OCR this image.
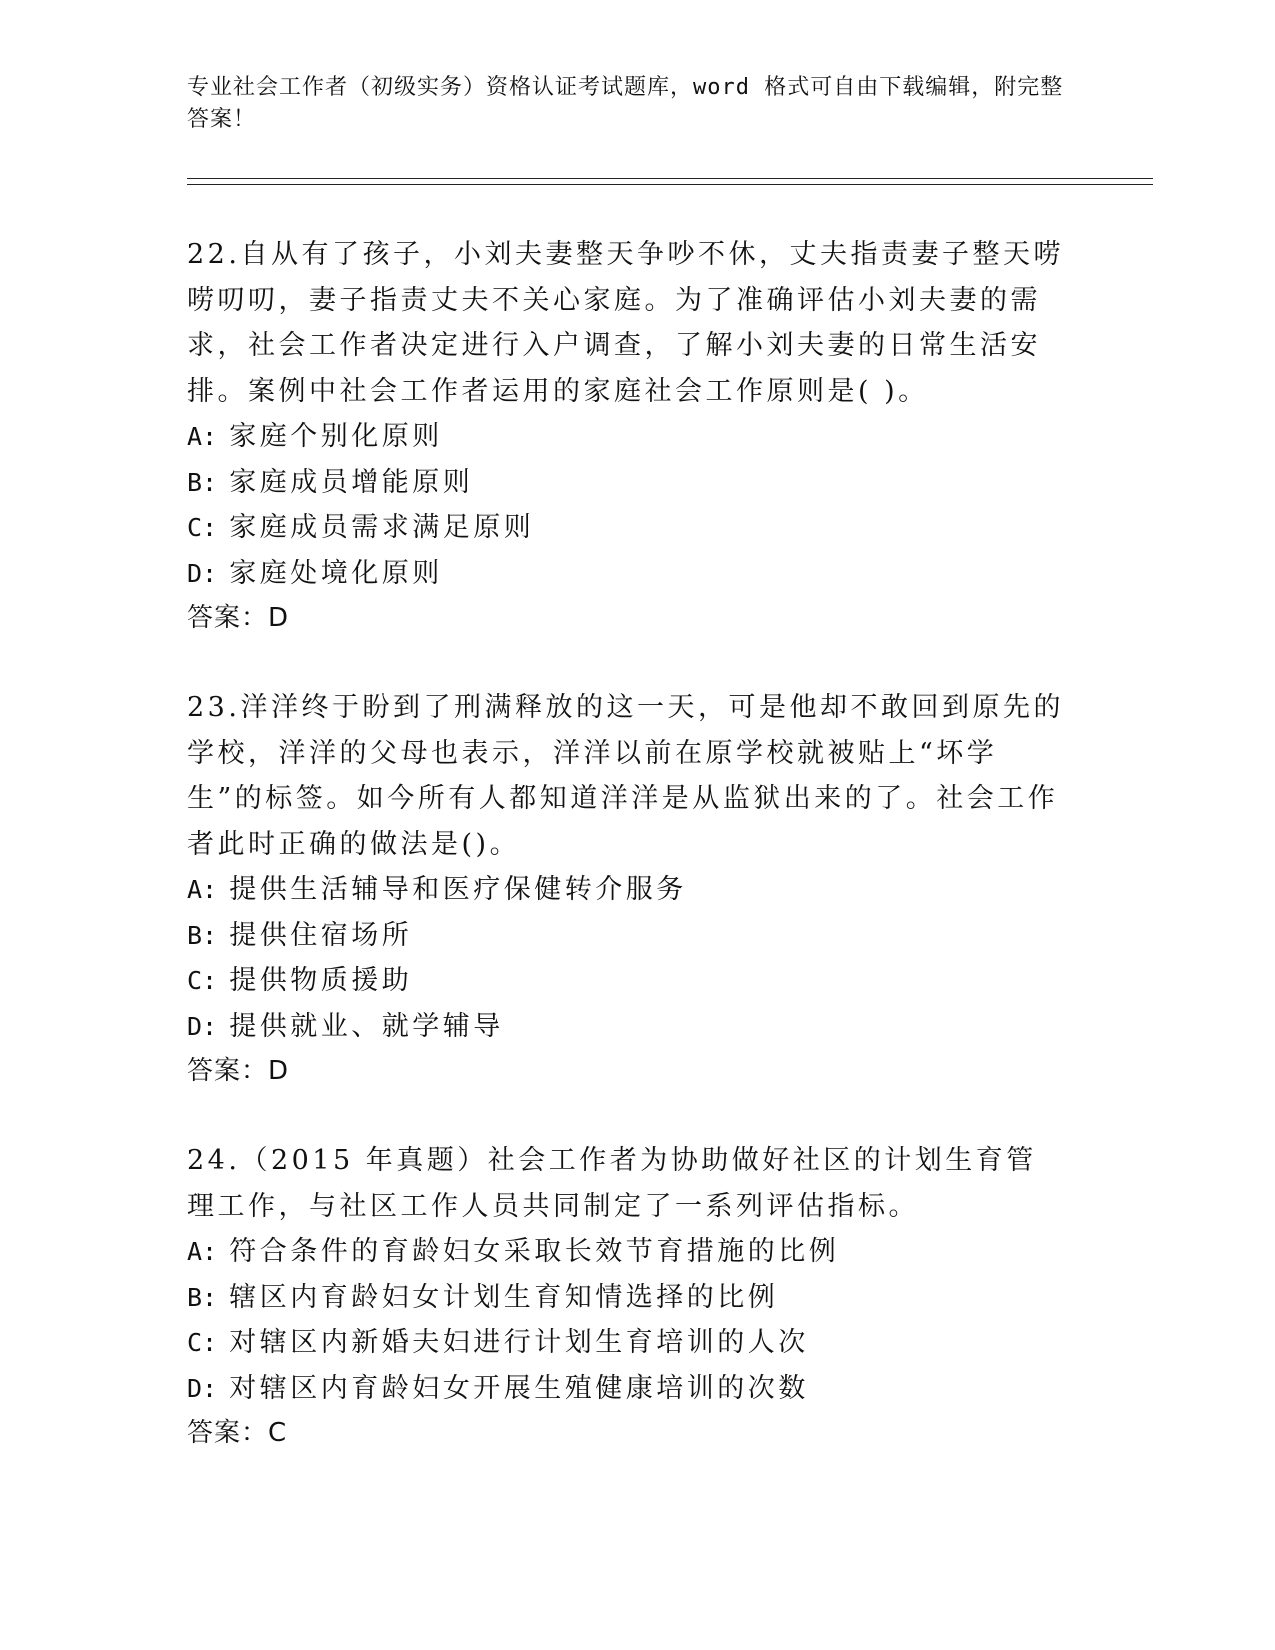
专业社会工作者（初级实务）资格认证考试题库，word 格式可自由下载编辑，附完整答案！

22.自从有了孩子，小刘夫妻整天争吵不休，丈夫指责妻子整天唠唠叨叨，妻子指责丈夫不关心家庭。为了准确评估小刘夫妻的需求，社会工作者决定进行入户调查，了解小刘夫妻的日常生活安排。案例中社会工作者运用的家庭社会工作原则是( )。

A: 家庭个别化原则

B: 家庭成员增能原则

C: 家庭成员需求满足原则

D: 家庭处境化原则

答案：D

23.洋洋终于盼到了刑满释放的这一天，可是他却不敢回到原先的学校，洋洋的父母也表示，洋洋以前在原学校就被贴上“坏学生”的标签。如今所有人都知道洋洋是从监狱出来的了。社会工作者此时正确的做法是()。

A: 提供生活辅导和医疗保健转介服务

B: 提供住宿场所

C: 提供物质援助

D: 提供就业、就学辅导

答案：D

24.（2015 年真题）社会工作者为协助做好社区的计划生育管理工作，与社区工作人员共同制定了一系列评估指标。

A: 符合条件的育龄妇女采取长效节育措施的比例

B: 辖区内育龄妇女计划生育知情选择的比例

C: 对辖区内新婚夫妇进行计划生育培训的人次

D: 对辖区内育龄妇女开展生殖健康培训的次数

答案：C
